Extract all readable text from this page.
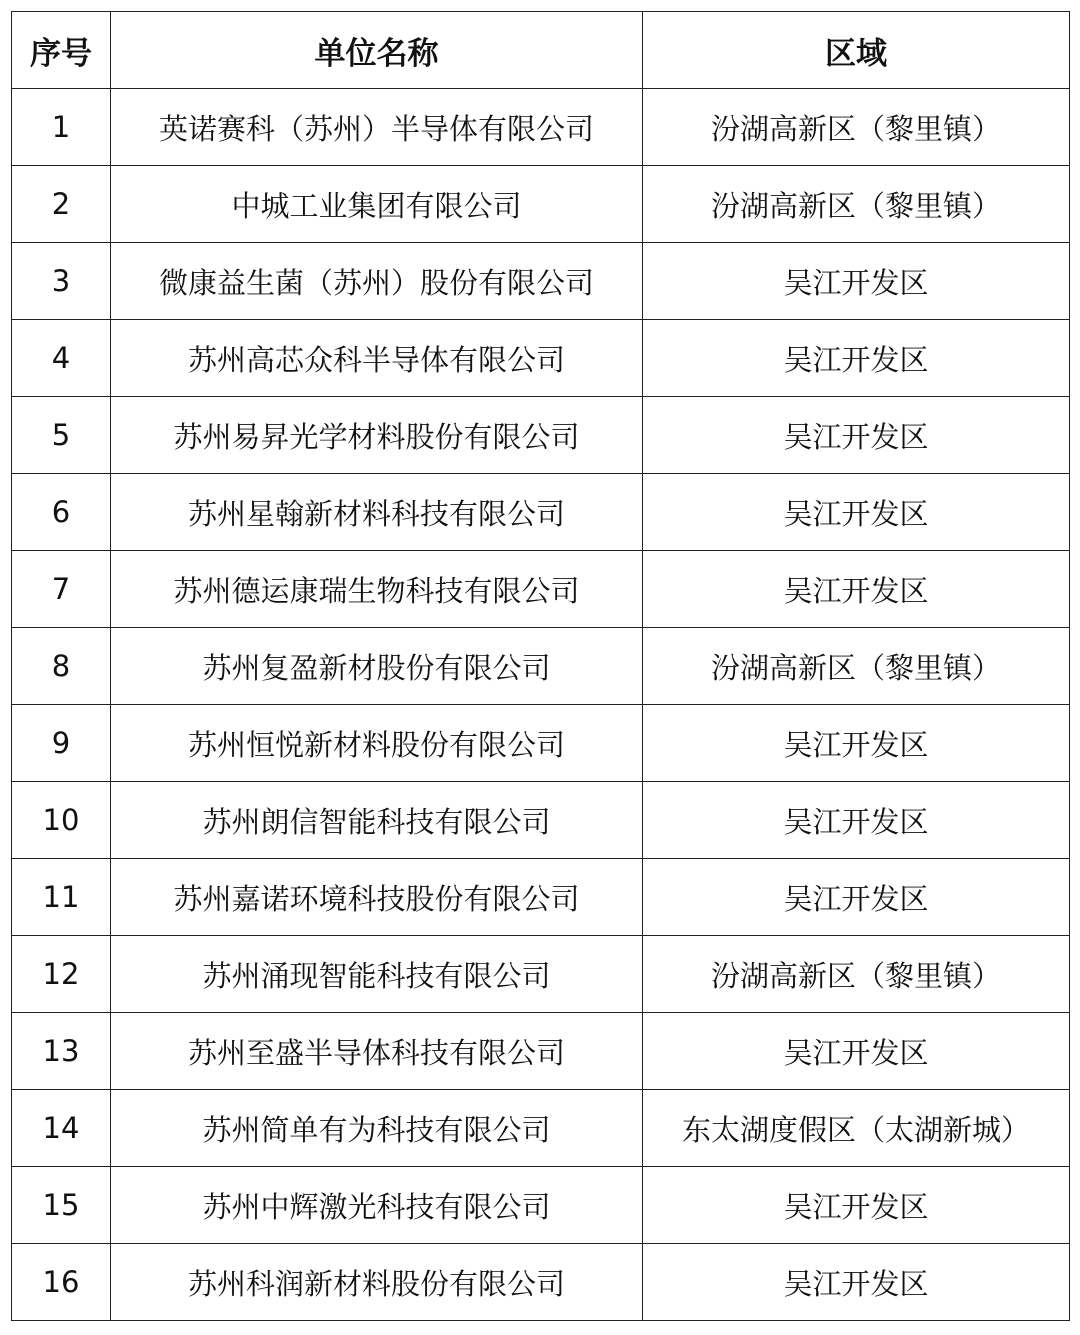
序号	单位名称	区域
1	英诺赛科（苏州）半导体有限公司	汾湖高新区（黎里镇）
2	中城工业集团有限公司	汾湖高新区（黎里镇）
3	微康益生菌（苏州）股份有限公司	吴江开发区
4	苏州高芯众科半导体有限公司	吴江开发区
5	苏州易昇光学材料股份有限公司	吴江开发区
6	苏州星翰新材料科技有限公司	吴江开发区
7	苏州德运康瑞生物科技有限公司	吴江开发区
8	苏州复盈新材股份有限公司	汾湖高新区（黎里镇）
9	苏州恒悦新材料股份有限公司	吴江开发区
10	苏州朗信智能科技有限公司	吴江开发区
11	苏州嘉诺环境科技股份有限公司	吴江开发区
12	苏州涌现智能科技有限公司	汾湖高新区（黎里镇）
13	苏州至盛半导体科技有限公司	吴江开发区
14	苏州简单有为科技有限公司	东太湖度假区（太湖新城）
15	苏州中辉激光科技有限公司	吴江开发区
16	苏州科润新材料股份有限公司	吴江开发区
